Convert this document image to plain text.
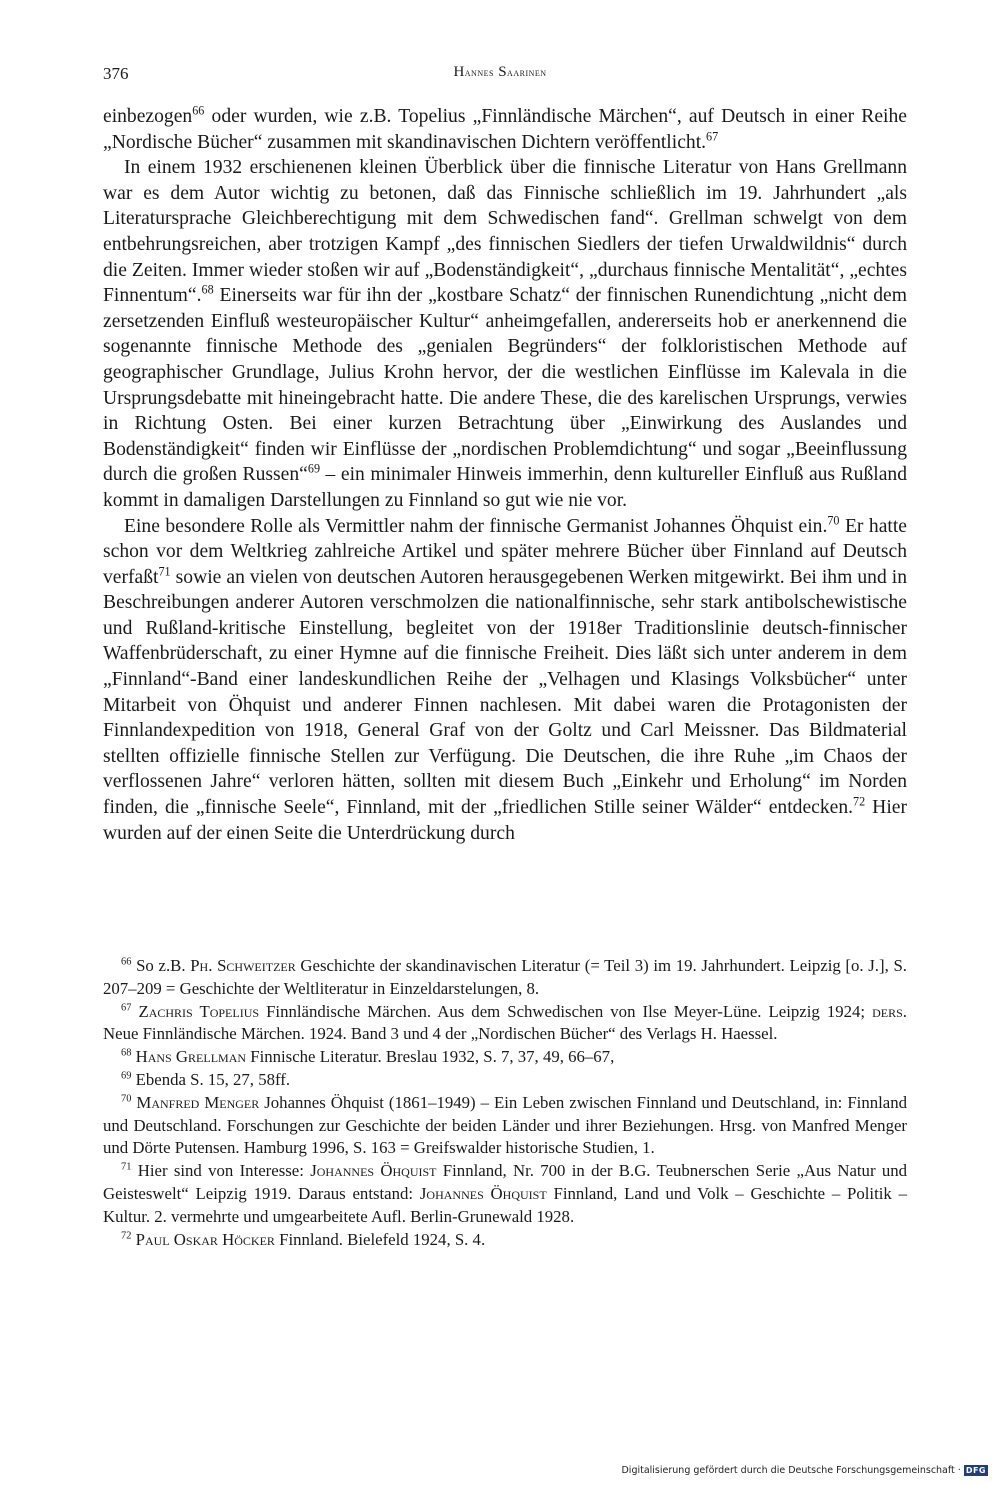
376	Hannes Saarinen

einbezogen$^{66}$ oder wurden, wie z.B. Topelius „Finnländische Märchen“, auf Deutsch in einer Reihe „Nordische Bücher“ zusammen mit skandinavischen Dichtern veröffentlicht.$^{67}$

In einem 1932 erschienenen kleinen Überblick über die finnische Literatur von Hans Grellmann war es dem Autor wichtig zu betonen, daß das Finnische schließlich im 19. Jahrhundert „als Literatursprache Gleichberechtigung mit dem Schwedischen fand“. Grellman schwelgt von dem entbehrungsreichen, aber trotzigen Kampf „des finnischen Siedlers der tiefen Urwaldwildnis“ durch die Zeiten. Immer wieder stoßen wir auf „Bodenständigkeit“, „durchaus finnische Mentalität“, „echtes Finnentum“.$^{68}$ Einerseits war für ihn der „kostbare Schatz“ der finnischen Runendichtung „nicht dem zersetzenden Einfluß westeuropäischer Kultur“ anheimgefallen, andererseits hob er anerkennend die sogenannte finnische Methode des „genialen Begründers“ der folkloristischen Methode auf geographischer Grundlage, Julius Krohn hervor, der die westlichen Einflüsse im Kalevala in die Ursprungsdebatte mit hineingebracht hatte. Die andere These, die des karelischen Ursprungs, verwies in Richtung Osten. Bei einer kurzen Betrachtung über „Einwirkung des Auslandes und Bodenständigkeit“ finden wir Einflüsse der „nordischen Problemdichtung“ und sogar „Beeinflussung durch die großen Russen“$^{69}$ – ein minimaler Hinweis immerhin, denn kultureller Einfluß aus Rußland kommt in damaligen Darstellungen zu Finnland so gut wie nie vor.

Eine besondere Rolle als Vermittler nahm der finnische Germanist Johannes Öhquist ein.$^{70}$ Er hatte schon vor dem Weltkrieg zahlreiche Artikel und später mehrere Bücher über Finnland auf Deutsch verfaßt$^{71}$ sowie an vielen von deutschen Autoren herausgegebenen Werken mitgewirkt. Bei ihm und in Beschreibungen anderer Autoren verschmolzen die nationalfinnische, sehr stark antibolschewistische und Rußland-kritische Einstellung, begleitet von der 1918er Traditionslinie deutsch-finnischer Waffenbrüderschaft, zu einer Hymne auf die finnische Freiheit. Dies läßt sich unter anderem in dem „Finnland“-Band einer landeskundlichen Reihe der „Velhagen und Klasings Volksbücher“ unter Mitarbeit von Öhquist und anderer Finnen nachlesen. Mit dabei waren die Protagonisten der Finnlandexpedition von 1918, General Graf von der Goltz und Carl Meissner. Das Bildmaterial stellten offizielle finnische Stellen zur Verfügung. Die Deutschen, die ihre Ruhe „im Chaos der verflossenen Jahre“ verloren hätten, sollten mit diesem Buch „Einkehr und Erholung“ im Norden finden, die „finnische Seele“, Finnland, mit der „friedlichen Stille seiner Wälder“ entdecken.$^{72}$ Hier wurden auf der einen Seite die Unterdrückung durch

$^{66}$ So z.B. Ph. Schweitzer Geschichte der skandinavischen Literatur (= Teil 3) im 19. Jahrhundert. Leipzig [o. J.], S. 207–209 = Geschichte der Weltliteratur in Einzeldarstelungen, 8.

$^{67}$ Zachris Topelius Finnländische Märchen. Aus dem Schwedischen von Ilse Meyer-Lüne. Leipzig 1924; ders. Neue Finnländische Märchen. 1924. Band 3 und 4 der „Nordischen Bücher“ des Verlags H. Haessel.

$^{68}$ Hans Grellman Finnische Literatur. Breslau 1932, S. 7, 37, 49, 66–67,

$^{69}$ Ebenda S. 15, 27, 58ff.

$^{70}$ Manfred Menger Johannes Öhquist (1861–1949) – Ein Leben zwischen Finnland und Deutschland, in: Finnland und Deutschland. Forschungen zur Geschichte der beiden Länder und ihrer Beziehungen. Hrsg. von Manfred Menger und Dörte Putensen. Hamburg 1996, S. 163 = Greifswalder historische Studien, 1.

$^{71}$ Hier sind von Interesse: Johannes Öhquist Finnland, Nr. 700 in der B.G. Teubnerschen Serie „Aus Natur und Geisteswelt“ Leipzig 1919. Daraus entstand: Johannes Öhquist Finnland, Land und Volk – Geschichte – Politik – Kultur. 2. vermehrte und umgearbeitete Aufl. Berlin-Grunewald 1928.

$^{72}$ Paul Oskar Höcker Finnland. Bielefeld 1924, S. 4.

Digitalisierung gefördert durch die Deutsche Forschungsgemeinschaft · DFG
